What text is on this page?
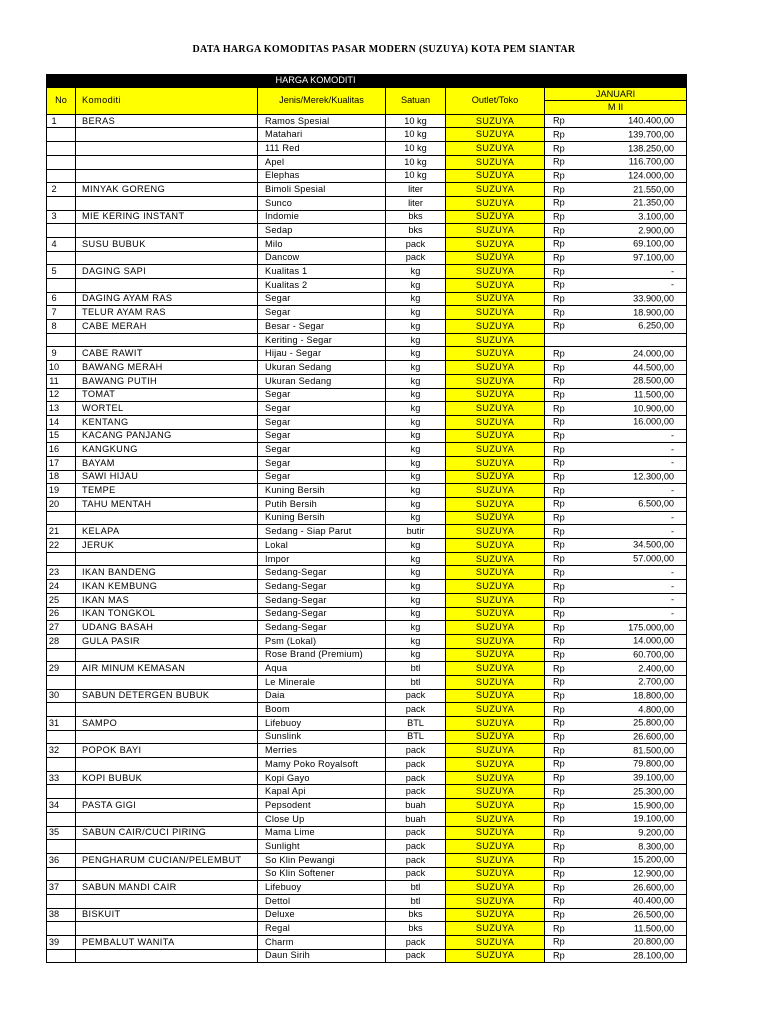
DATA HARGA KOMODITAS PASAR MODERN (SUZUYA) KOTA PEM SIANTAR
HARGA KOMODITI					
No	Komoditi	Jenis/Merek/Kualitas	Satuan	Outlet/Toko	JANUARI
					M II
1	BERAS	Ramos Spesial	10 kg	SUZUYA	Rp 140.400,00

		Matahari	10 kg	SUZUYA	Rp 139.700,00

		111 Red	10 kg	SUZUYA	Rp 138.250,00

		Apel	10 kg	SUZUYA	Rp 116.700,00

		Elephas	10 kg	SUZUYA	Rp 124.000,00

2	MINYAK GORENG	Bimoli Spesial	liter	SUZUYA	Rp 21.550,00

		Sunco	liter	SUZUYA	Rp 21.350,00

3	MIE KERING INSTANT	Indomie	bks	SUZUYA	Rp 3.100,00

		Sedap	bks	SUZUYA	Rp 2.900,00

4	SUSU BUBUK	Milo	pack	SUZUYA	Rp 69.100,00

		Dancow	pack	SUZUYA	Rp 97.100,00

5	DAGING SAPI	Kualitas 1	kg	SUZUYA	Rp -

		Kualitas 2	kg	SUZUYA	Rp -

6	DAGING AYAM RAS	Segar	kg	SUZUYA	Rp 33.900,00

7	TELUR AYAM RAS	Segar	kg	SUZUYA	Rp 18.900,00

8	CABE MERAH	Besar - Segar	kg	SUZUYA	Rp 6.250,00

		Keriting - Segar	kg	SUZUYA	

9	CABE RAWIT	Hijau - Segar	kg	SUZUYA	Rp 24.000,00

10	BAWANG MERAH	Ukuran Sedang	kg	SUZUYA	Rp 44.500,00

11	BAWANG PUTIH	Ukuran Sedang	kg	SUZUYA	Rp 28.500,00

12	TOMAT	Segar	kg	SUZUYA	Rp 11.500,00

13	WORTEL	Segar	kg	SUZUYA	Rp 10.900,00

14	KENTANG	Segar	kg	SUZUYA	Rp 16.000,00

15	KACANG PANJANG	Segar	kg	SUZUYA	Rp -

16	KANGKUNG	Segar	kg	SUZUYA	Rp -

17	BAYAM	Segar	kg	SUZUYA	Rp -

18	SAWI HIJAU	Segar	kg	SUZUYA	Rp 12.300,00

19	TEMPE	Kuning Bersih	kg	SUZUYA	Rp -

20	TAHU MENTAH	Putih Bersih	kg	SUZUYA	Rp 6.500,00

		Kuning Bersih	kg	SUZUYA	Rp -

21	KELAPA	Sedang - Siap Parut	butir	SUZUYA	Rp -

22	JERUK	Lokal	kg	SUZUYA	Rp 34.500,00

		Impor	kg	SUZUYA	Rp 57.000,00

23	IKAN BANDENG	Sedang-Segar	kg	SUZUYA	Rp -

24	IKAN KEMBUNG	Sedang-Segar	kg	SUZUYA	Rp -

25	IKAN MAS	Sedang-Segar	kg	SUZUYA	Rp -

26	IKAN TONGKOL	Sedang-Segar	kg	SUZUYA	Rp -

27	UDANG BASAH	Sedang-Segar	kg	SUZUYA	Rp 175.000,00

28	GULA PASIR	Psm (Lokal)	kg	SUZUYA	Rp 14.000,00

		Rose Brand (Premium)	kg	SUZUYA	Rp 60.700,00

29	AIR MINUM KEMASAN	Aqua	btl	SUZUYA	Rp 2.400,00

		Le Minerale	btl	SUZUYA	Rp 2.700,00

30	SABUN DETERGEN BUBUK	Daia	pack	SUZUYA	Rp 18.800,00

		Boom	pack	SUZUYA	Rp 4.800,00

31	SAMPO	Lifebuoy	BTL	SUZUYA	Rp 25.800,00

		Sunslink	BTL	SUZUYA	Rp 26.600,00

32	POPOK BAYI	Merries	pack	SUZUYA	Rp 81.500,00

		Mamy Poko Royalsoft	pack	SUZUYA	Rp 79.800,00

33	KOPI BUBUK	Kopi Gayo	pack	SUZUYA	Rp 39.100,00

		Kapal Api	pack	SUZUYA	Rp 25.300,00

34	PASTA GIGI	Pepsodent	buah	SUZUYA	Rp 15.900,00

		Close Up	buah	SUZUYA	Rp 19.100,00

35	SABUN CAIR/CUCI PIRING	Mama Lime	pack	SUZUYA	Rp 9.200,00

		Sunlight	pack	SUZUYA	Rp 8.300,00

36	PENGHARUM CUCIAN/PELEMBUT	So Klin Pewangi	pack	SUZUYA	Rp 15.200,00

		So Klin Softener	pack	SUZUYA	Rp 12.900,00

37	SABUN MANDI CAIR	Lifebuoy	btl	SUZUYA	Rp 26.600,00

		Dettol	btl	SUZUYA	Rp 40.400,00

38	BISKUIT	Deluxe	bks	SUZUYA	Rp 26.500,00

		Regal	bks	SUZUYA	Rp 11.500,00

39	PEMBALUT WANITA	Charm	pack	SUZUYA	Rp 20.800,00

		Daun Sirih	pack	SUZUYA	Rp 28.100,00
